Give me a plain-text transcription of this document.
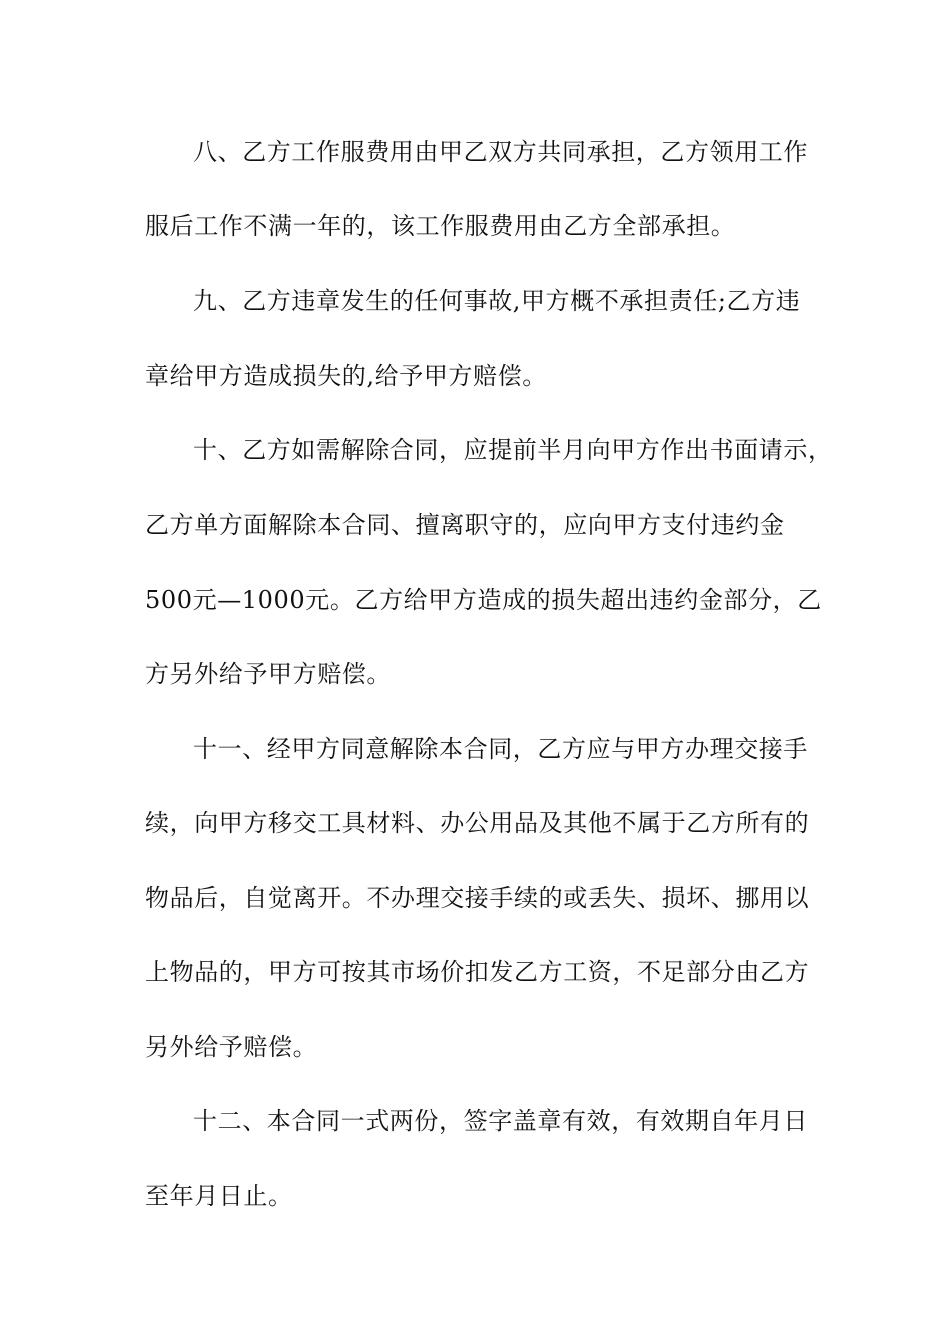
八、乙方工作服费用由甲乙双方共同承担，乙方领用工作
服后工作不满一年的，该工作服费用由乙方全部承担。
九、乙方违章发生的任何事故,甲方概不承担责任;乙方违
章给甲方造成损失的,给予甲方赔偿。
十、乙方如需解除合同，应提前半月向甲方作出书面请示，
乙方单方面解除本合同、擅离职守的，应向甲方支付违约金
500元—1000元。乙方给甲方造成的损失超出违约金部分，乙
方另外给予甲方赔偿。
十一、经甲方同意解除本合同，乙方应与甲方办理交接手
续，向甲方移交工具材料、办公用品及其他不属于乙方所有的
物品后，自觉离开。不办理交接手续的或丢失、损坏、挪用以
上物品的，甲方可按其市场价扣发乙方工资，不足部分由乙方
另外给予赔偿。
十二、本合同一式两份，签字盖章有效，有效期自年月日
至年月日止。
